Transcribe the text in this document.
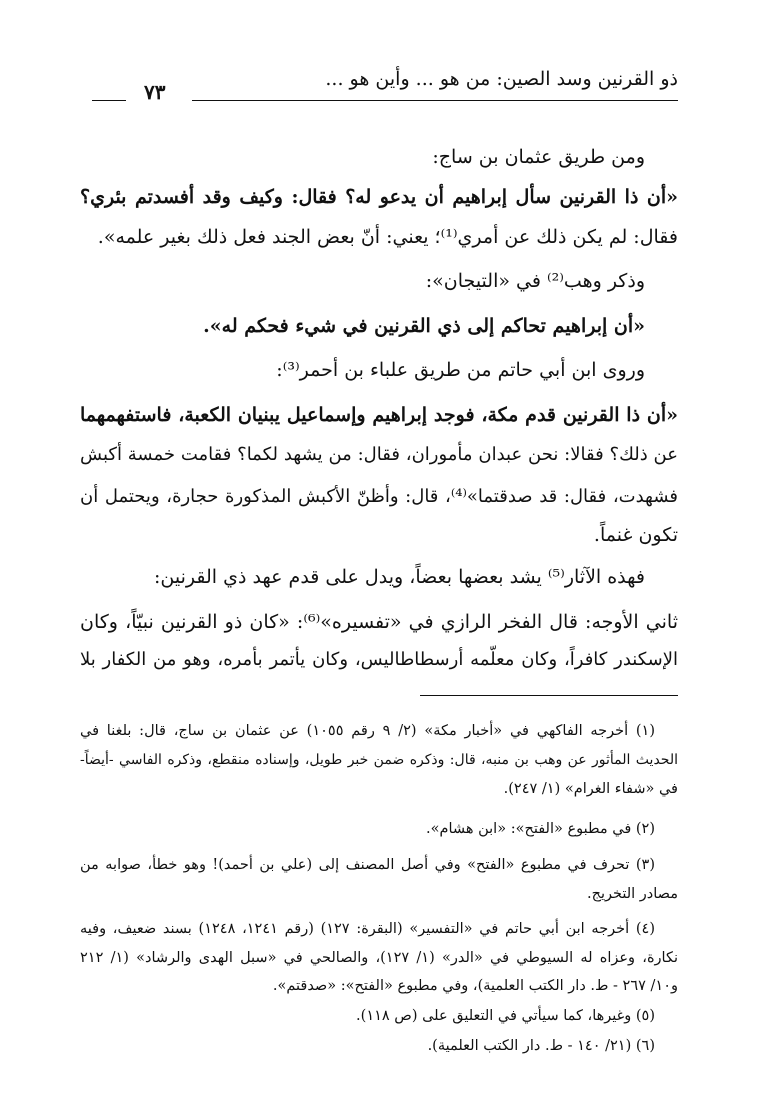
ذو القرنين وسد الصين: من هو ... وأين هو ...
٧٣
ومن طريق عثمان بن ساج:
«أن ذا القرنين سأل إبراهيم أن يدعو له؟ فقال: وكيف وقد أفسدتم بئري؟
فقال: لم يكن ذلك عن أمري⁽¹⁾؛ يعني: أنّ بعض الجند فعل ذلك بغير علمه».
وذكر وهب⁽²⁾ في «التيجان»:
«أن إبراهيم تحاكم إلى ذي القرنين في شيء فحكم له».
وروى ابن أبي حاتم من طريق علباء بن أحمر⁽³⁾:
«أن ذا القرنين قدم مكة، فوجد إبراهيم وإسماعيل يبنيان الكعبة، فاستفهمهما
عن ذلك؟ فقالا: نحن عبدان مأموران، فقال: من يشهد لكما؟ فقامت خمسة أكبش
فشهدت، فقال: قد صدقتما»⁽⁴⁾، قال: وأظنّ الأكبش المذكورة حجارة، ويحتمل أن
تكون غنماً.
فهذه الآثار⁽⁵⁾ يشد بعضها بعضاً، ويدل على قدم عهد ذي القرنين:
ثاني الأوجه: قال الفخر الرازي في «تفسيره»⁽⁶⁾: «كان ذو القرنين نبيّاً، وكان
الإسكندر كافراً، وكان معلّمه أرسطاطاليس، وكان يأتمر بأمره، وهو من الكفار بلا
(١) أخرجه الفاكهي في «أخبار مكة» (٢/ ٩ رقم ١٠٥٥) عن عثمان بن ساج، قال: بلغنا في
الحديث المأثور عن وهب بن منبه، قال: وذكره ضمن خبر طويل، وإسناده منقطع، وذكره الفاسي -أيضاً-
في «شفاء الغرام» (١/ ٢٤٧).
(٢) في مطبوع «الفتح»: «ابن هشام».
(٣) تحرف في مطبوع «الفتح» وفي أصل المصنف إلى (علي بن أحمد)! وهو خطأ، صوابه من
مصادر التخريج.
(٤) أخرجه ابن أبي حاتم في «التفسير» (البقرة: ١٢٧) (رقم ١٢٤١، ١٢٤٨) بسند ضعيف، وفيه
نكارة، وعزاه له السيوطي في «الدر» (١/ ١٢٧)، والصالحي في «سبل الهدى والرشاد» (١/ ٢١٢
و١٠/ ٢٦٧ - ط. دار الكتب العلمية)، وفي مطبوع «الفتح»: «صدقتم».
(٥) وغيرها، كما سيأتي في التعليق على (ص ١١٨).
(٦) (٢١/ ١٤٠ - ط. دار الكتب العلمية).
